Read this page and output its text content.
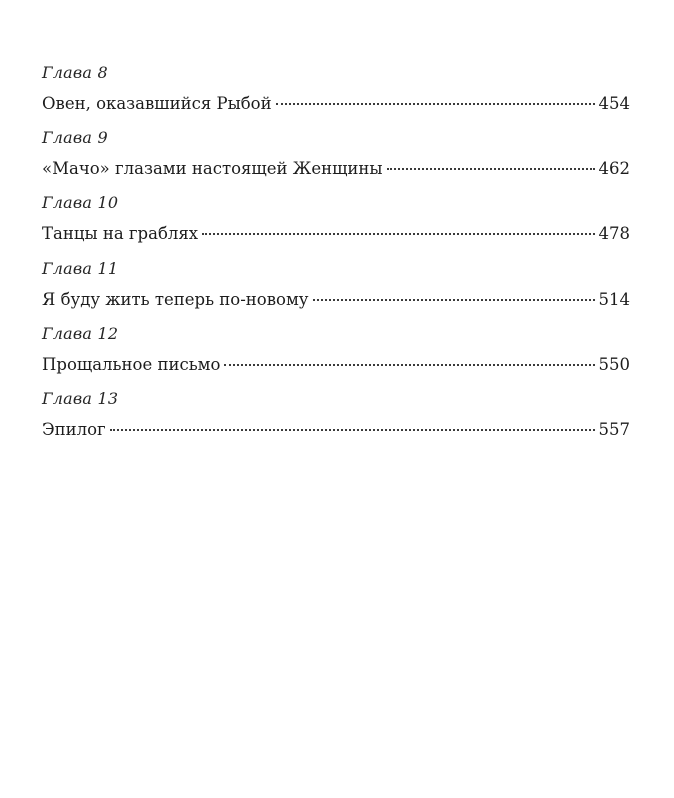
Глава 8
Овен, оказавшийся Рыбой	454
Глава 9
«Мачо» глазами настоящей Женщины	462
Глава 10
Танцы на граблях	478
Глава 11
Я буду жить теперь по-новому	514
Глава 12
Прощальное письмо	550
Глава 13
Эпилог	557
